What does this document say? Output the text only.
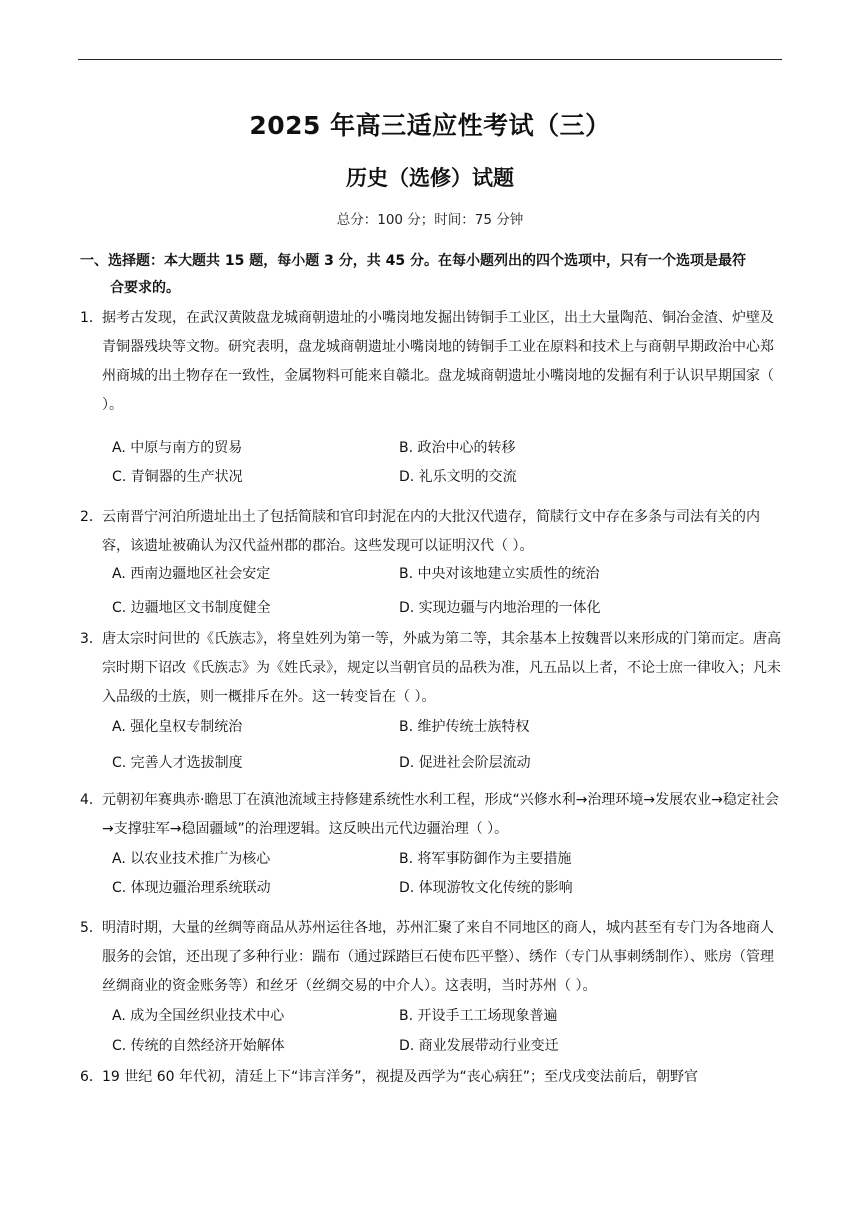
2025 年高三适应性考试（三）
历史（选修）试题
总分：100 分；时间：75 分钟
一、选择题：本大题共 15 题，每小题 3 分，共 45 分。在每小题列出的四个选项中，只有一个选项是最符
合要求的。
1． 据考古发现，在武汉黄陂盘龙城商朝遗址的小嘴岗地发掘出铸铜手工业区，出土大量陶范、铜冶金渣、炉壁及青铜器残块等文物。研究表明，盘龙城商朝遗址小嘴岗地的铸铜手工业在原料和技术上与商朝早期政治中心郑州商城的出土物存在一致性，金属物料可能来自赣北。盘龙城商朝遗址小嘴岗地的发掘有利于认识早期国家（ ）。
A. 中原与南方的贸易	B. 政治中心的转移
C. 青铜器的生产状况	D. 礼乐文明的交流
2． 云南晋宁河泊所遗址出土了包括简牍和官印封泥在内的大批汉代遗存，简牍行文中存在多条与司法有关的内容，该遗址被确认为汉代益州郡的郡治。这些发现可以证明汉代（ ）。
A. 西南边疆地区社会安定	B. 中央对该地建立实质性的统治
C. 边疆地区文书制度健全	D. 实现边疆与内地治理的一体化
3． 唐太宗时问世的《氏族志》，将皇姓列为第一等，外戚为第二等，其余基本上按魏晋以来形成的门第而定。唐高宗时期下诏改《氏族志》为《姓氏录》，规定以当朝官员的品秩为准，凡五品以上者，不论士庶一律收入；凡未入品级的士族，则一概排斥在外。这一转变旨在（ ）。
A. 强化皇权专制统治	B. 维护传统士族特权
C. 完善人才选拔制度	D. 促进社会阶层流动
4． 元朝初年赛典赤·瞻思丁在滇池流域主持修建系统性水利工程，形成“兴修水利→治理环境→发展农业→稳定社会→支撑驻军→稳固疆域”的治理逻辑。这反映出元代边疆治理（ ）。
A. 以农业技术推广为核心	B. 将军事防御作为主要措施
C. 体现边疆治理系统联动	D. 体现游牧文化传统的影响
5． 明清时期，大量的丝绸等商品从苏州运往各地，苏州汇聚了来自不同地区的商人，城内甚至有专门为各地商人服务的会馆，还出现了多种行业：踹布（通过踩踏巨石使布匹平整）、绣作（专门从事刺绣制作）、账房（管理丝绸商业的资金账务等）和丝牙（丝绸交易的中介人）。这表明，当时苏州（ ）。
A. 成为全国丝织业技术中心	B. 开设手工工场现象普遍
C. 传统的自然经济开始解体	D. 商业发展带动行业变迁
6． 19 世纪 60 年代初，清廷上下“讳言洋务”，视提及西学为“丧心病狂”；至戊戌变法前后，朝野官
